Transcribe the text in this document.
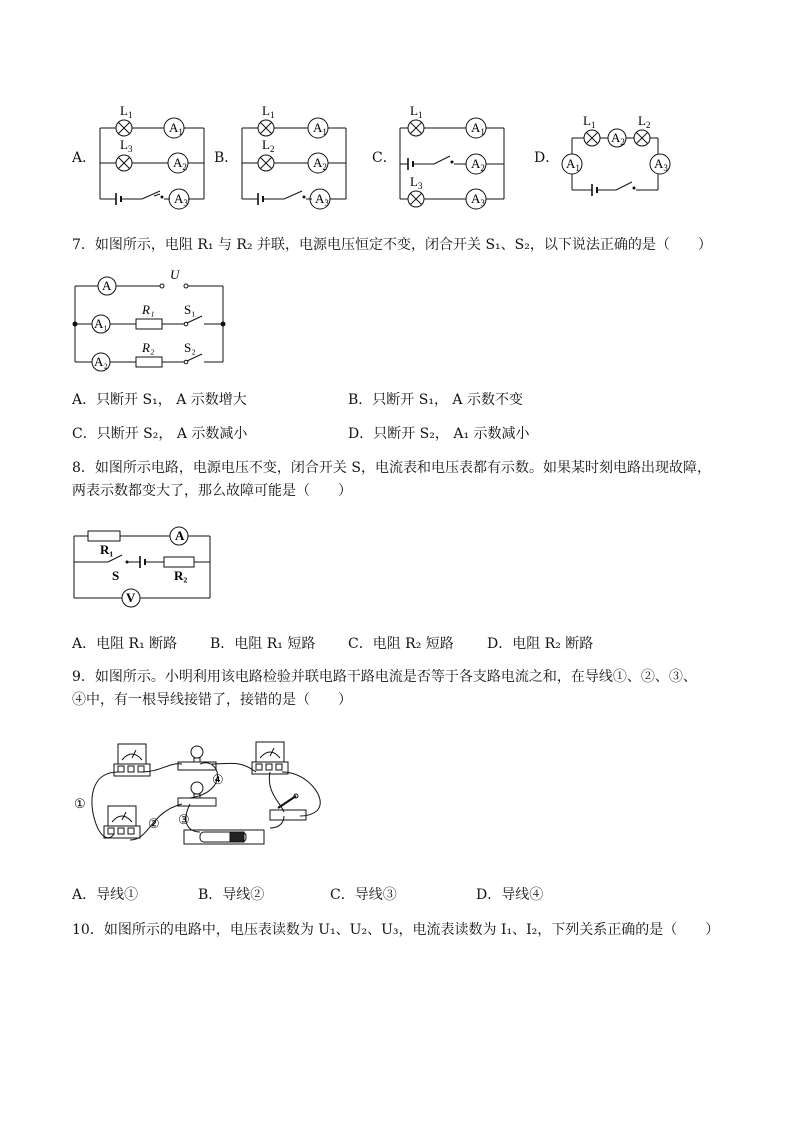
A．	B．	C．	D．
$L_1$
$L_3$
$A_1$
$A_2$
$A_3$
$L_1$
$L_2$
$A_1$
$A_2$
$A_3$
$L_1$
$L_3$
$A_1$
$A_2$
$A_3$
$L_1$	$L_2$
$A_2$
$A_1$	$A_3$
7．如图所示，电阻 R₁ 与 R₂ 并联，电源电压恒定不变，闭合开关 S₁、S₂，以下说法正确的是（　　）
A
A₁
A₂
U
R₁
R₂
S₁
S₂
A．只断开 S₁， A 示数增大	B．只断开 S₁， A 示数不变
C．只断开 S₂， A 示数减小	D．只断开 S₂， A₁ 示数减小
8．如图所示电路，电源电压不变，闭合开关 S，电流表和电压表都有示数。如果某时刻电路出现故障，
两表示数都变大了，那么故障可能是（　　）
A
V
R₁
R₂
S
A．电阻 R₁ 断路 B．电阻 R₁ 短路 C．电阻 R₂ 短路 D．电阻 R₂ 断路
9．如图所示。小明利用该电路检验并联电路干路电流是否等于各支路电流之和，在导线①、②、③、
④中，有一根导线接错了，接错的是（　　）
①
② ③
④
A．导线①	B．导线②	C．导线③	D．导线④
10．如图所示的电路中，电压表读数为 U₁、U₂、U₃，电流表读数为 I₁、I₂，下列关系正确的是（　　）
